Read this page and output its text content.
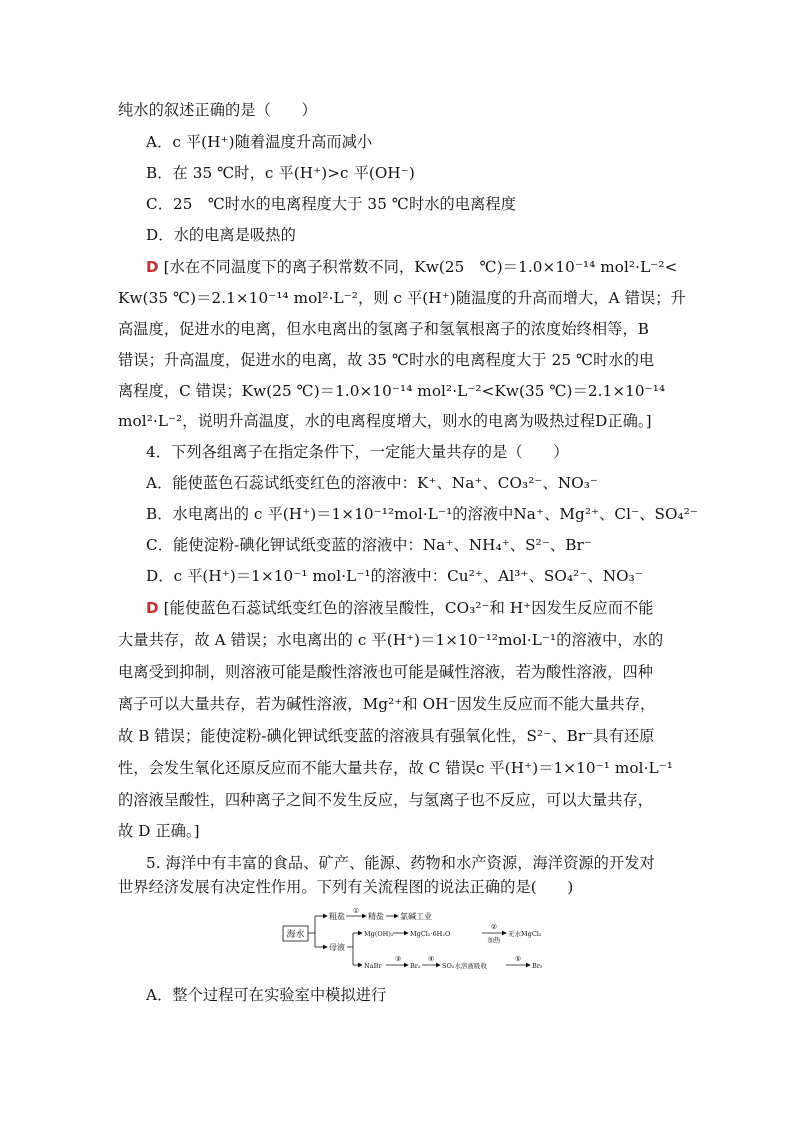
纯水的叙述正确的是（　　）
A．c 平(H⁺)随着温度升高而减小
B．在 35 ℃时，c 平(H⁺)>c 平(OH⁻)
C．25　℃时水的电离程度大于 35 ℃时水的电离程度
D．水的电离是吸热的
D [水在不同温度下的离子积常数不同，Kw(25　℃)＝1.0×10⁻¹⁴ mol²·L⁻²<
Kw(35 ℃)＝2.1×10⁻¹⁴ mol²·L⁻²，则 c 平(H⁺)随温度的升高而增大，A 错误；升
高温度，促进水的电离，但水电离出的氢离子和氢氧根离子的浓度始终相等，B
错误；升高温度，促进水的电离，故 35 ℃时水的电离程度大于 25 ℃时水的电
离程度，C 错误；Kw(25 ℃)＝1.0×10⁻¹⁴ mol²·L⁻²<Kw(35 ℃)＝2.1×10⁻¹⁴
mol²·L⁻²，说明升高温度，水的电离程度增大，则水的电离为吸热过程D正确。]
4．下列各组离子在指定条件下，一定能大量共存的是（　　）
A．能使蓝色石蕊试纸变红色的溶液中：K⁺、Na⁺、CO₃²⁻、NO₃⁻
B．水电离出的 c 平(H⁺)＝1×10⁻¹²mol·L⁻¹的溶液中Na⁺、Mg²⁺、Cl⁻、SO₄²⁻
C．能使淀粉-碘化钾试纸变蓝的溶液中：Na⁺、NH₄⁺、S²⁻、Br⁻
D．c 平(H⁺)＝1×10⁻¹ mol·L⁻¹的溶液中：Cu²⁺、Al³⁺、SO₄²⁻、NO₃⁻
D [能使蓝色石蕊试纸变红色的溶液呈酸性，CO₃²⁻和 H⁺因发生反应而不能
大量共存，故 A 错误；水电离出的 c 平(H⁺)＝1×10⁻¹²mol·L⁻¹的溶液中，水的
电离受到抑制，则溶液可能是酸性溶液也可能是碱性溶液，若为酸性溶液，四种
离子可以大量共存，若为碱性溶液，Mg²⁺和 OH⁻因发生反应而不能大量共存，
故 B 错误；能使淀粉-碘化钾试纸变蓝的溶液具有强氧化性，S²⁻、Br⁻具有还原
性，会发生氧化还原反应而不能大量共存，故 C 错误c 平(H⁺)＝1×10⁻¹ mol·L⁻¹
的溶液呈酸性，四种离子之间不发生反应，与氢离子也不反应，可以大量共存，
故 D 正确。]
5. 海洋中有丰富的食品、矿产、能源、药物和水产资源，海洋资源的开发对
世界经济发展有决定性作用。下列有关流程图的说法正确的是(　　)
海水
粗盐
①
精盐 氯碱工业
母液
Mg(OH)₂	MgCl₂·6H₂O
②
加热
无水MgCl₂
NaBr
③
Br₂
④
SO₂水溶液吸收
⑤
Br₂
A．整个过程可在实验室中模拟进行
